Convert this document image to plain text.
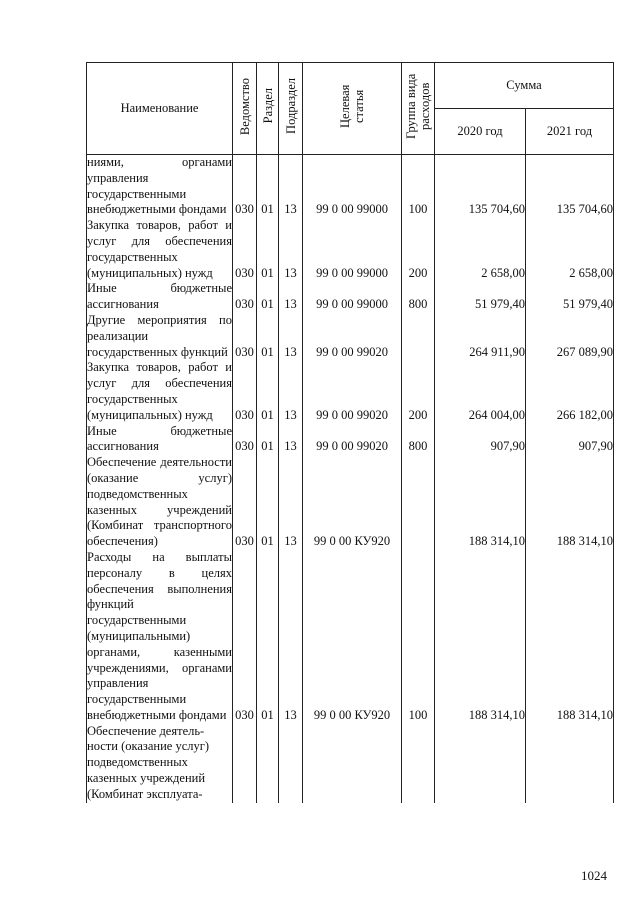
Наименование	Ведомство	Раздел	Подраздел	Целевая статья	Группа вида расходов	Сумма	
						2020 год	2021 год
ниями, органами управления государственными внебюджетными фондами	030	01	13	99 0 00 99000	100	135 704,60	135 704,60
Закупка товаров, работ и услуг для обеспечения государственных (муниципальных) нужд	030	01	13	99 0 00 99000	200	2 658,00	2 658,00
Иные бюджетные ассигнования	030	01	13	99 0 00 99000	800	51 979,40	51 979,40
Другие мероприятия по реализации государственных функций	030	01	13	99 0 00 99020		264 911,90	267 089,90
Закупка товаров, работ и услуг для обеспечения государственных (муниципальных) нужд	030	01	13	99 0 00 99020	200	264 004,00	266 182,00
Иные бюджетные ассигнования	030	01	13	99 0 00 99020	800	907,90	907,90
Обеспечение деятельности (оказание услуг) подведомственных казенных учреждений (Комбинат транспортного обеспечения)	030	01	13	99 0 00 КУ920		188 314,10	188 314,10
Расходы на выплаты персоналу в целях обеспечения выполнения функций государственными (муниципальными) органами, казенными учреждениями, органами управления государственными внебюджетными фондами	030	01	13	99 0 00 КУ920	100	188 314,10	188 314,10

Обеспечение деятель-
ности (оказание услуг)
подведомственных
казенных учреждений
(Комбинат эксплуата-							

1024
